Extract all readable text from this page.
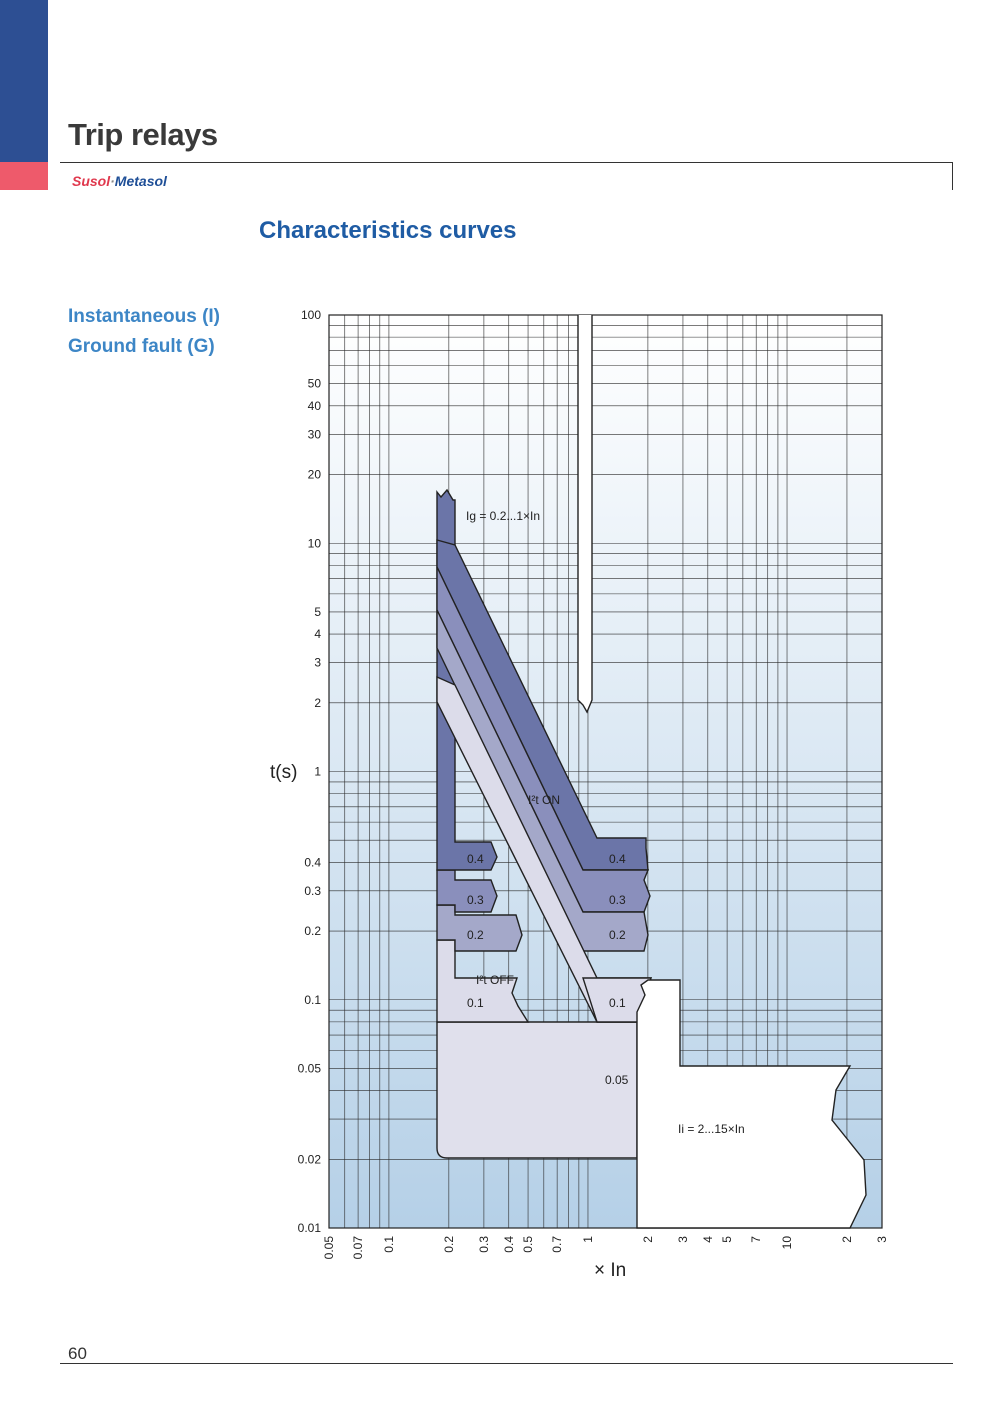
Trip relays
Susol·Metasol
Characteristics curves
Instantaneous (I)
Ground fault (G)
Ig = 0.2...1×In
I²t ON
I²t OFF
Ii = 2...15×In
0.4
0.3
0.2
0.1
0.4
0.3
0.2
0.1
0.05
0.01
0.02
0.05
0.1
0.2
0.3
0.4
1
2
3
4
5
10
20
30
40
50
100
0.05 0.07 0.1	0.2 0.3 0.4 0.5 0.7 1	2 3 4 5 7 10	2 3
t(s)
× In
60
